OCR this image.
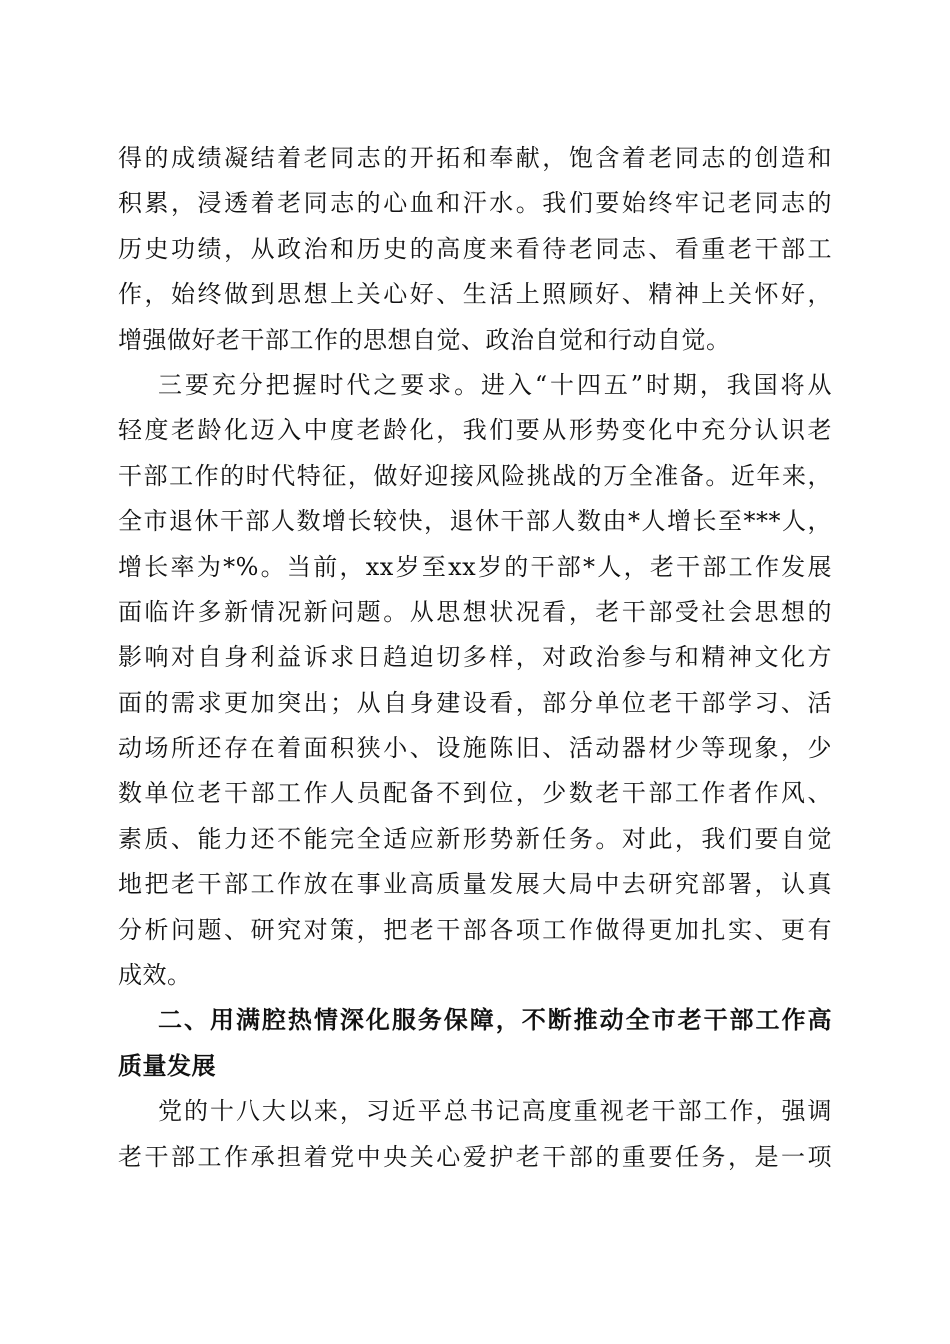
得的成绩凝结着老同志的开拓和奉献，饱含着老同志的创造和
积累，浸透着老同志的心血和汗水。我们要始终牢记老同志的
历史功绩，从政治和历史的高度来看待老同志、看重老干部工
作，始终做到思想上关心好、生活上照顾好、精神上关怀好，
增强做好老干部工作的思想自觉、政治自觉和行动自觉。
三要充分把握时代之要求。进入“十四五”时期，我国将从
轻度老龄化迈入中度老龄化，我们要从形势变化中充分认识老
干部工作的时代特征，做好迎接风险挑战的万全准备。近年来，
全市退休干部人数增长较快，退休干部人数由*人增长至***人，
增长率为*%。当前，xx岁至xx岁的干部*人，老干部工作发展
面临许多新情况新问题。从思想状况看，老干部受社会思想的
影响对自身利益诉求日趋迫切多样，对政治参与和精神文化方
面的需求更加突出；从自身建设看，部分单位老干部学习、活
动场所还存在着面积狭小、设施陈旧、活动器材少等现象，少
数单位老干部工作人员配备不到位，少数老干部工作者作风、
素质、能力还不能完全适应新形势新任务。对此，我们要自觉
地把老干部工作放在事业高质量发展大局中去研究部署，认真
分析问题、研究对策，把老干部各项工作做得更加扎实、更有
成效。
二、用满腔热情深化服务保障，不断推动全市老干部工作高
质量发展
党的十八大以来，习近平总书记高度重视老干部工作，强调
老干部工作承担着党中央关心爱护老干部的重要任务，是一项
